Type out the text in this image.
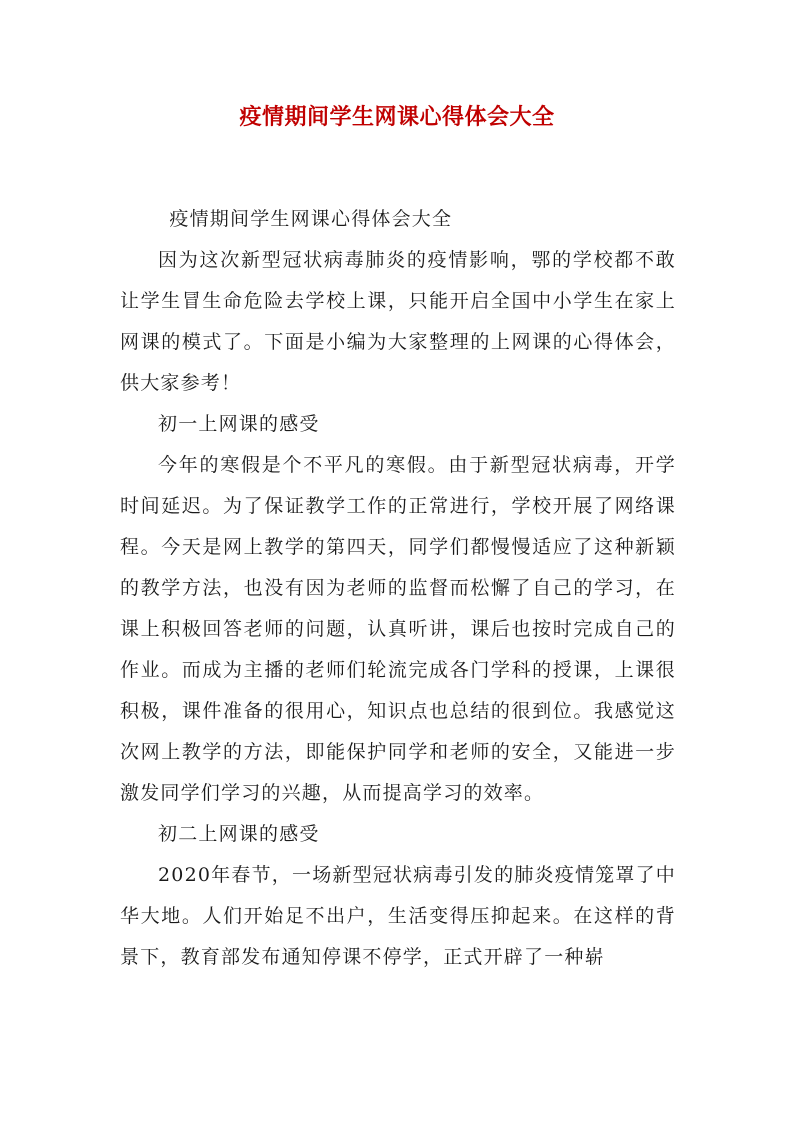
疫情期间学生网课心得体会大全

疫情期间学生网课心得体会大全

因为这次新型冠状病毒肺炎的疫情影响，鄂的学校都不敢让学生冒生命危险去学校上课，只能开启全国中小学生在家上网课的模式了。下面是小编为大家整理的上网课的心得体会，供大家参考！

初一上网课的感受

今年的寒假是个不平凡的寒假。由于新型冠状病毒，开学时间延迟。为了保证教学工作的正常进行，学校开展了网络课程。今天是网上教学的第四天，同学们都慢慢适应了这种新颖的教学方法，也没有因为老师的监督而松懈了自己的学习，在课上积极回答老师的问题，认真听讲，课后也按时完成自己的作业。而成为主播的老师们轮流完成各门学科的授课，上课很积极，课件准备的很用心，知识点也总结的很到位。我感觉这次网上教学的方法，即能保护同学和老师的安全，又能进一步激发同学们学习的兴趣，从而提高学习的效率。

初二上网课的感受

2020年春节，一场新型冠状病毒引发的肺炎疫情笼罩了中华大地。人们开始足不出户，生活变得压抑起来。在这样的背景下，教育部发布通知停课不停学，正式开辟了一种崭
